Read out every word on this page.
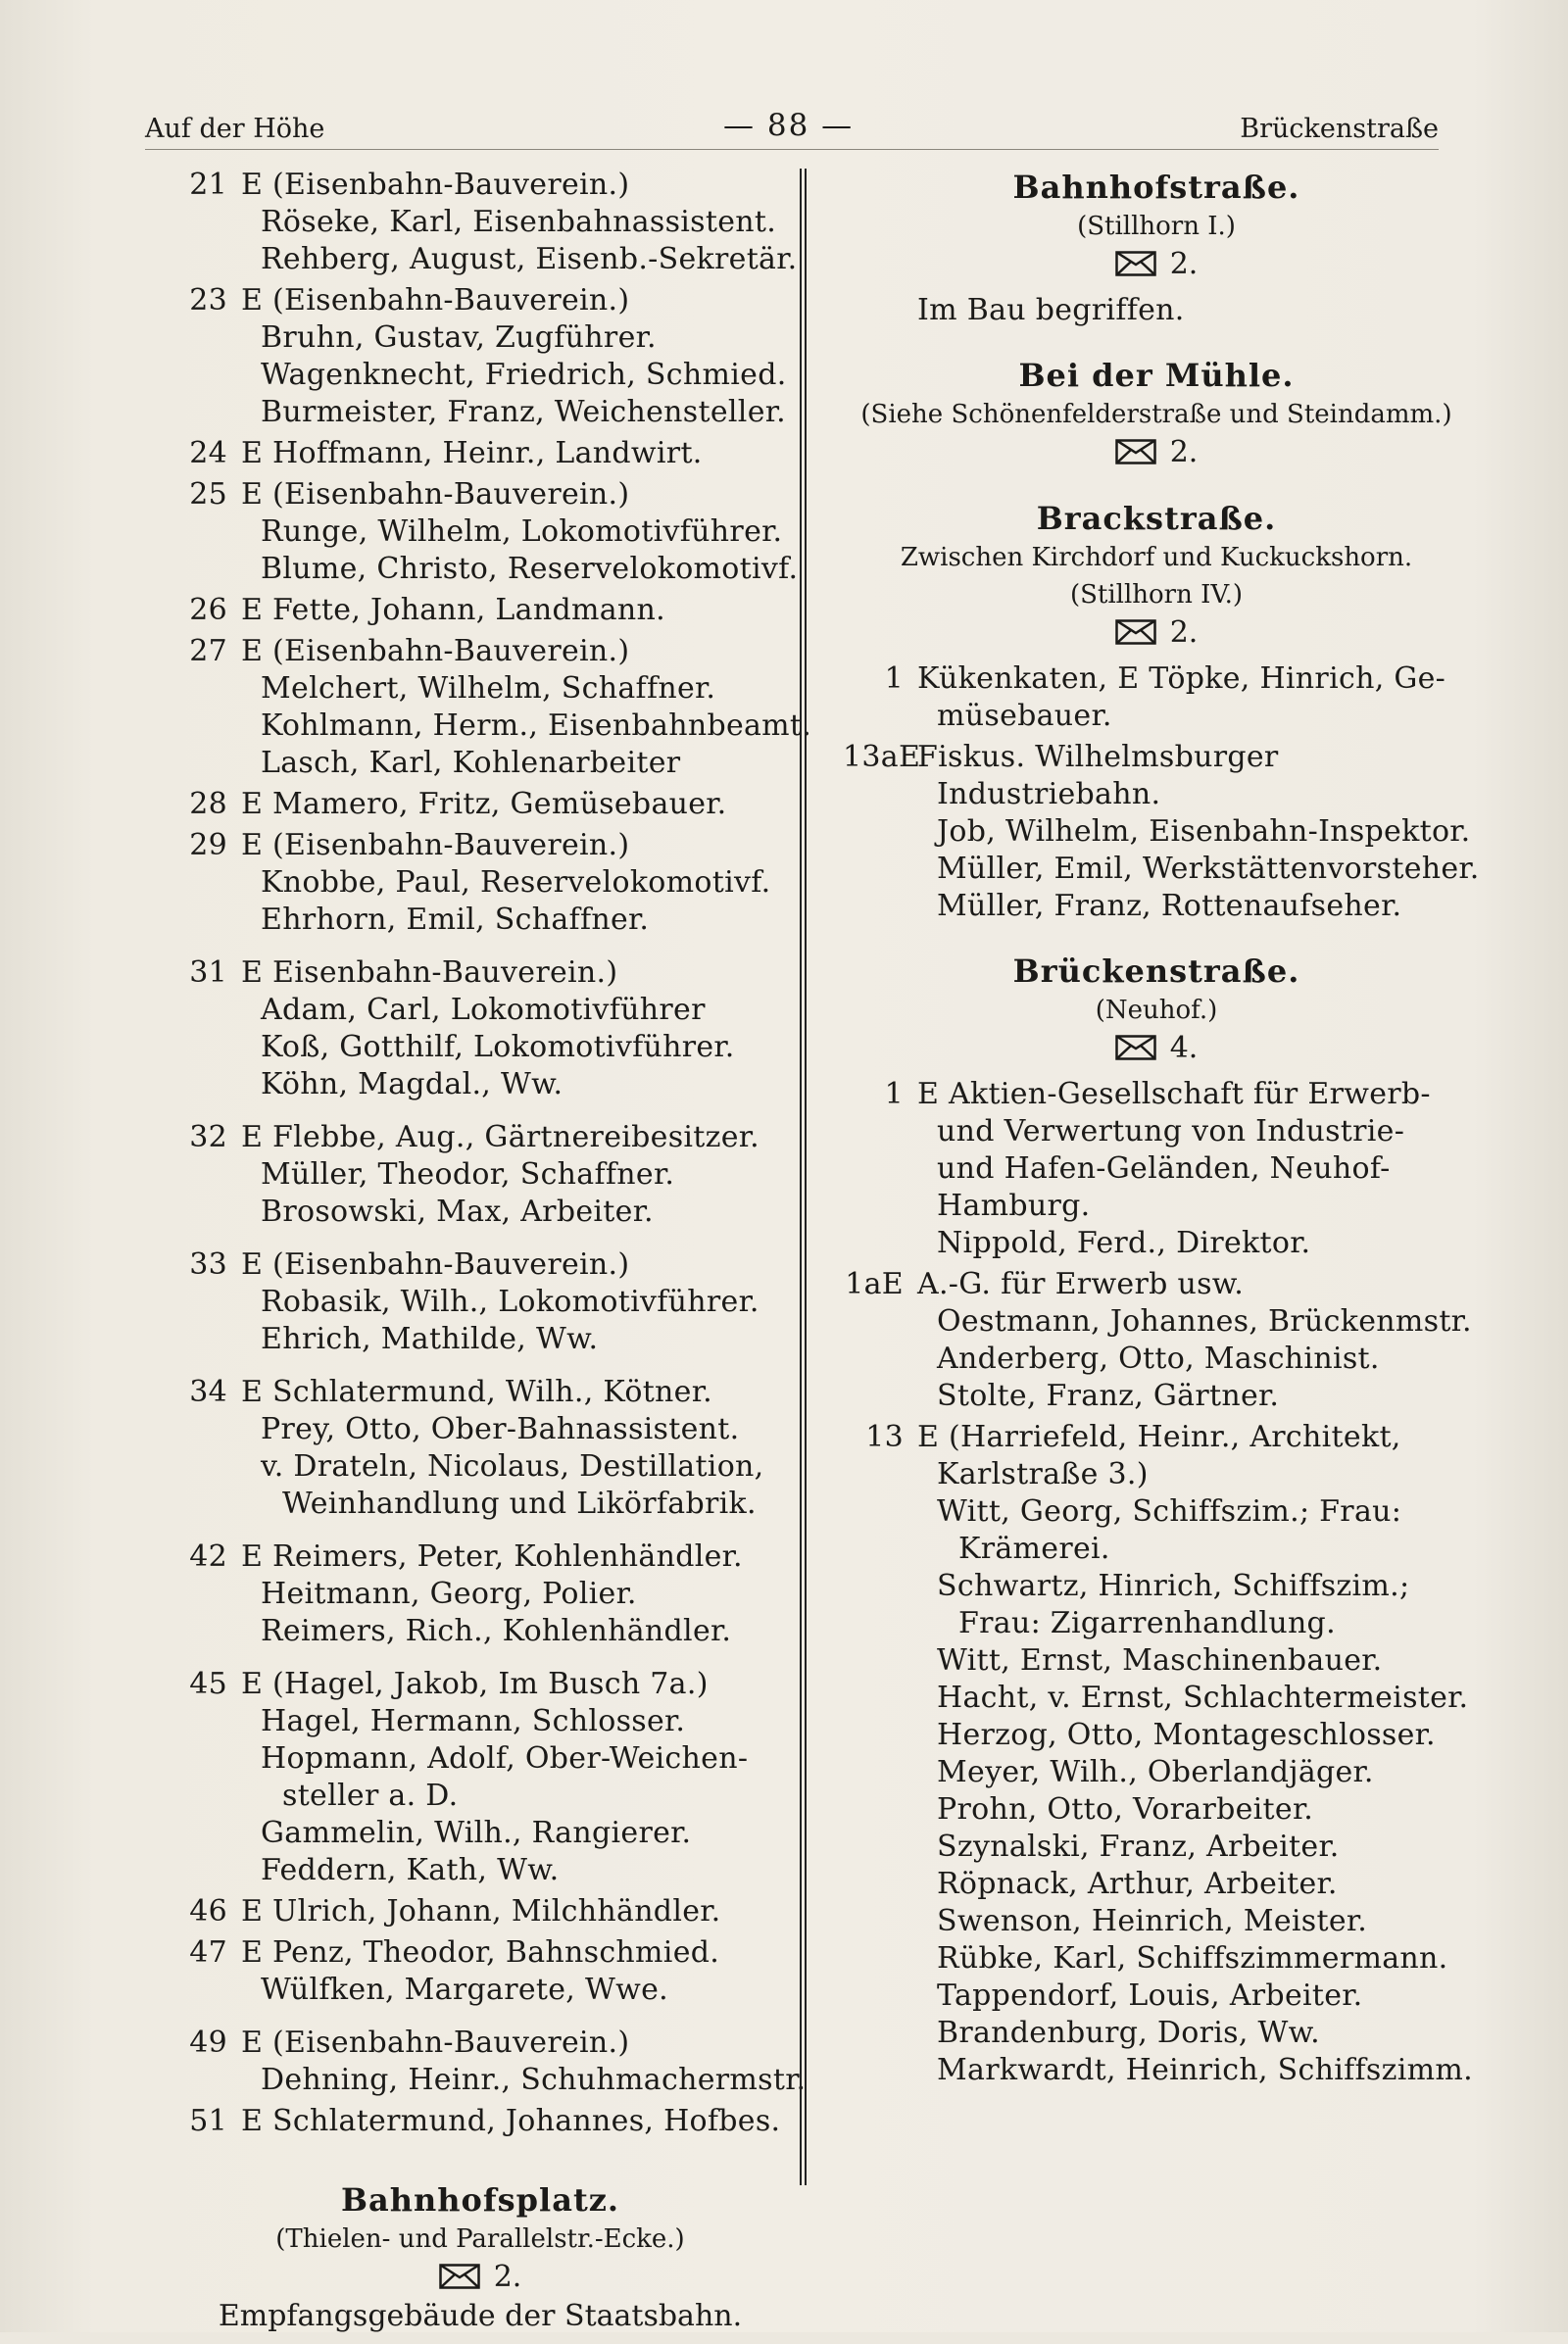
Auf der Höhe	— 88 —	Brückenstraße
21 E (Eisenbahn-Bauverein.)
Röseke, Karl, Eisenbahnassistent.
Rehberg, August, Eisenb.-Sekretär.
23 E (Eisenbahn-Bauverein.)
Bruhn, Gustav, Zugführer.
Wagenknecht, Friedrich, Schmied.
Burmeister, Franz, Weichensteller.
24 E Hoffmann, Heinr., Landwirt.
25 E (Eisenbahn-Bauverein.)
Runge, Wilhelm, Lokomotivführer.
Blume, Christo, Reservelokomotivf.
26 E Fette, Johann, Landmann.
27 E (Eisenbahn-Bauverein.)
Melchert, Wilhelm, Schaffner.
Kohlmann, Herm., Eisenbahnbeamt.
Lasch, Karl, Kohlenarbeiter
28 E Mamero, Fritz, Gemüsebauer.
29 E (Eisenbahn-Bauverein.)
Knobbe, Paul, Reservelokomotivf.
Ehrhorn, Emil, Schaffner.
31 E Eisenbahn-Bauverein.)
Adam, Carl, Lokomotivführer
Koß, Gotthilf, Lokomotivführer.
Köhn, Magdal., Ww.
32 E Flebbe, Aug., Gärtnereibesitzer.
Müller, Theodor, Schaffner.
Brosowski, Max, Arbeiter.
33 E (Eisenbahn-Bauverein.)
Robasik, Wilh., Lokomotivführer.
Ehrich, Mathilde, Ww.
34 E Schlatermund, Wilh., Kötner.
Prey, Otto, Ober-Bahnassistent.
v. Drateln, Nicolaus, Destillation,
Weinhandlung und Likörfabrik.
42 E Reimers, Peter, Kohlenhändler.
Heitmann, Georg, Polier.
Reimers, Rich., Kohlenhändler.
45 E (Hagel, Jakob, Im Busch 7a.)
Hagel, Hermann, Schlosser.
Hopmann, Adolf, Ober-Weichen-
steller a. D.
Gammelin, Wilh., Rangierer.
Feddern, Kath, Ww.
46 E Ulrich, Johann, Milchhändler.
47 E Penz, Theodor, Bahnschmied.
Wülfken, Margarete, Wwe.
49 E (Eisenbahn-Bauverein.)
Dehning, Heinr., Schuhmachermstr.
51 E Schlatermund, Johannes, Hofbes.
Bahnhofsplatz.
(Thielen- und Parallelstr.-Ecke.)
2.
Empfangsgebäude der Staatsbahn.
Bahnhofstraße.
(Stillhorn I.)
2.
Im Bau begriffen.
Bei der Mühle.
(Siehe Schönenfelderstraße und Steindamm.)
2.
Brackstraße.
Zwischen Kirchdorf und Kuckuckshorn.
(Stillhorn IV.)
2.
1 Kükenkaten, E Töpke, Hinrich, Ge-
müsebauer.
13aEFiskus. Wilhelmsburger
Industriebahn.
Job, Wilhelm, Eisenbahn-Inspektor.
Müller, Emil, Werkstättenvorsteher.
Müller, Franz, Rottenaufseher.
Brückenstraße.
(Neuhof.)
4.
1 E Aktien-Gesellschaft für Erwerb-
und Verwertung von Industrie-
und Hafen-Geländen, Neuhof-
Hamburg.
Nippold, Ferd., Direktor.
1aE A.-G. für Erwerb usw.
Oestmann, Johannes, Brückenmstr.
Anderberg, Otto, Maschinist.
Stolte, Franz, Gärtner.
13 E (Harriefeld, Heinr., Architekt,
Karlstraße 3.)
Witt, Georg, Schiffszim.; Frau:
Krämerei.
Schwartz, Hinrich, Schiffszim.;
Frau: Zigarrenhandlung.
Witt, Ernst, Maschinenbauer.
Hacht, v. Ernst, Schlachtermeister.
Herzog, Otto, Montageschlosser.
Meyer, Wilh., Oberlandjäger.
Prohn, Otto, Vorarbeiter.
Szynalski, Franz, Arbeiter.
Röpnack, Arthur, Arbeiter.
Swenson, Heinrich, Meister.
Rübke, Karl, Schiffszimmermann.
Tappendorf, Louis, Arbeiter.
Brandenburg, Doris, Ww.
Markwardt, Heinrich, Schiffszimm.
